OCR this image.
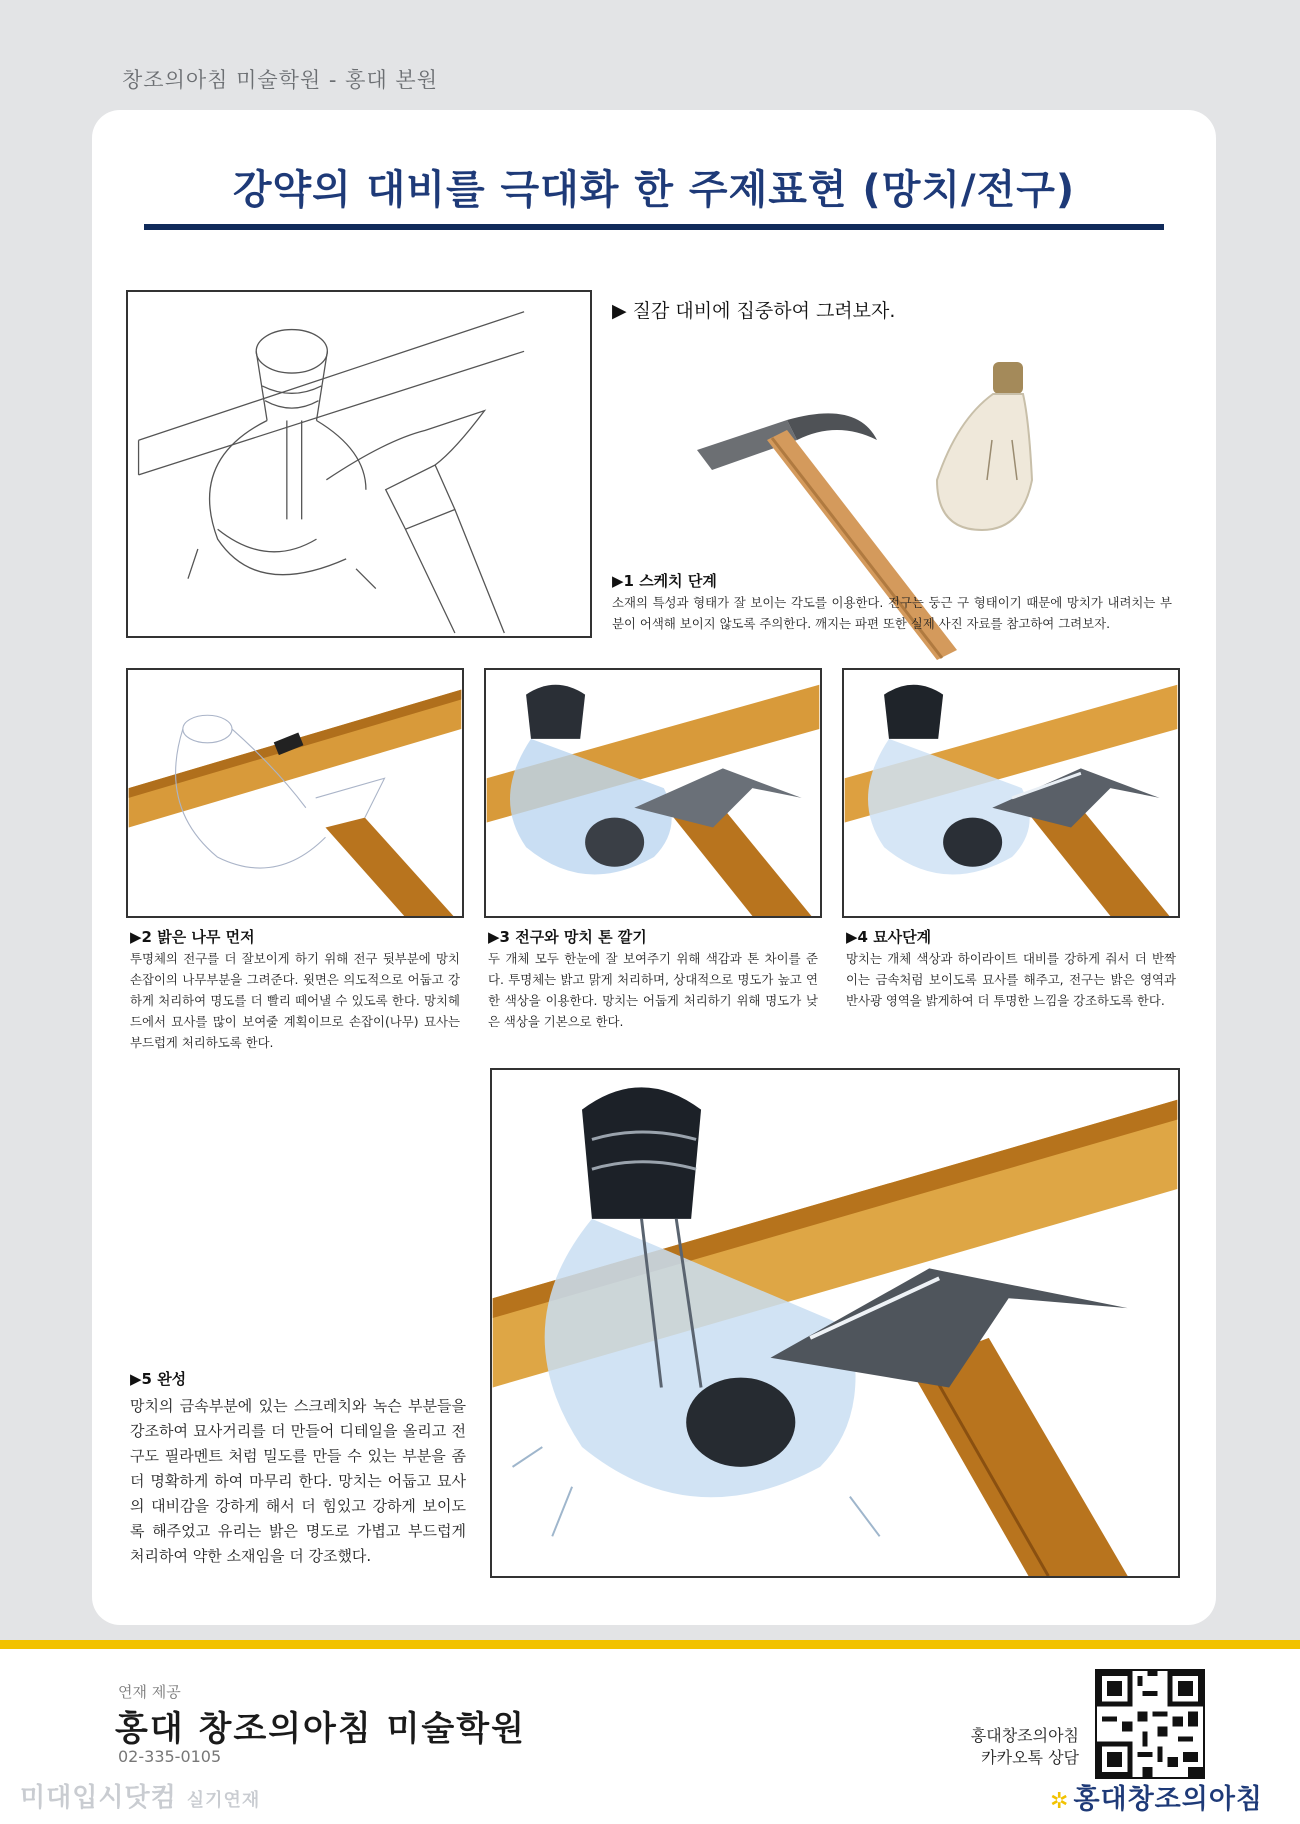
창조의아침 미술학원 - 홍대 본원
강약의 대비를 극대화 한 주제표현 (망치/전구)
▶ 질감 대비에 집중하여 그려보자.
▶1 스케치 단계
소재의 특성과 형태가 잘 보이는 각도를 이용한다. 전구는 둥근 구 형태이기 때문에 망치가 내려치는 부분이 어색해 보이지 않도록 주의한다. 깨지는 파편 또한 실제 사진 자료를 참고하여 그려보자.
▶2 밝은 나무 먼저
투명체의 전구를 더 잘보이게 하기 위해 전구 뒷부분에 망치손잡이의 나무부분을 그려준다. 윗면은 의도적으로 어둡고 강하게 처리하여 명도를 더 빨리 떼어낼 수 있도록 한다. 망치헤드에서 묘사를 많이 보여줄 계획이므로 손잡이(나무) 묘사는 부드럽게 처리하도록 한다.
▶3 전구와 망치 톤 깔기
두 개체 모두 한눈에 잘 보여주기 위해 색감과 톤 차이를 준다. 투명체는 밝고 맑게 처리하며, 상대적으로 명도가 높고 연한 색상을 이용한다. 망치는 어둡게 처리하기 위해 명도가 낮은 색상을 기본으로 한다.
▶4 묘사단계
망치는 개체 색상과 하이라이트 대비를 강하게 줘서 더 반짝이는 금속처럼 보이도록 묘사를 해주고, 전구는 밝은 영역과 반사광 영역을 밝게하여 더 투명한 느낌을 강조하도록 한다.
▶5 완성
망치의 금속부분에 있는 스크레치와 녹슨 부분들을 강조하여 묘사거리를 더 만들어 디테일을 올리고 전구도 필라멘트 처럼 밀도를 만들 수 있는 부분을 좀더 명확하게 하여 마무리 한다. 망치는 어둡고 묘사의 대비감을 강하게 해서 더 힘있고 강하게 보이도록 해주었고 유리는 밝은 명도로 가볍고 부드럽게 처리하여 약한 소재임을 더 강조했다.
연재 제공
홍대 창조의아침 미술학원
02-335-0105
미대입시닷컴 실기연재
홍대창조의아침
카카오톡 상담
✲ 홍대창조의아침
